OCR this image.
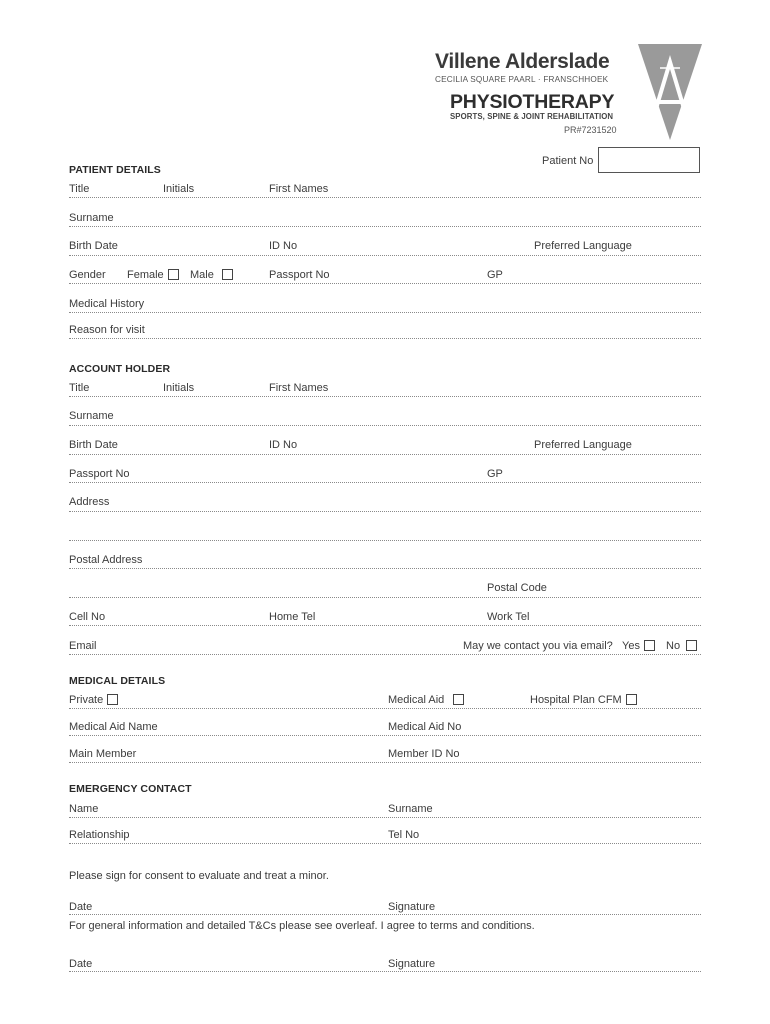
Villene Alderslade
CECILIA SQUARE PAARL · FRANSCHHOEK
PHYSIOTHERAPY
SPORTS, SPINE & JOINT REHABILITATION
PR#7231520
Patient No
PATIENT DETAILS
Title	Initials	First Names
Surname
Birth Date	ID No	Preferred Language
Gender Female Male	Passport No	GP
Medical History
Reason for visit
ACCOUNT HOLDER
Title	Initials	First Names
Surname
Birth Date	ID No	Preferred Language
Passport No	GP
Address
Postal Address
Postal Code
Cell No	Home Tel	Work Tel
Email	May we contact you via email? Yes No
MEDICAL DETAILS
Private	Medical Aid	Hospital Plan CFM
Medical Aid Name	Medical Aid No
Main Member	Member ID No
EMERGENCY CONTACT
Name	Surname
Relationship	Tel No
Please sign for consent to evaluate and treat a minor.
Date	Signature
For general information and detailed T&Cs please see overleaf. I agree to terms and conditions.
Date	Signature
